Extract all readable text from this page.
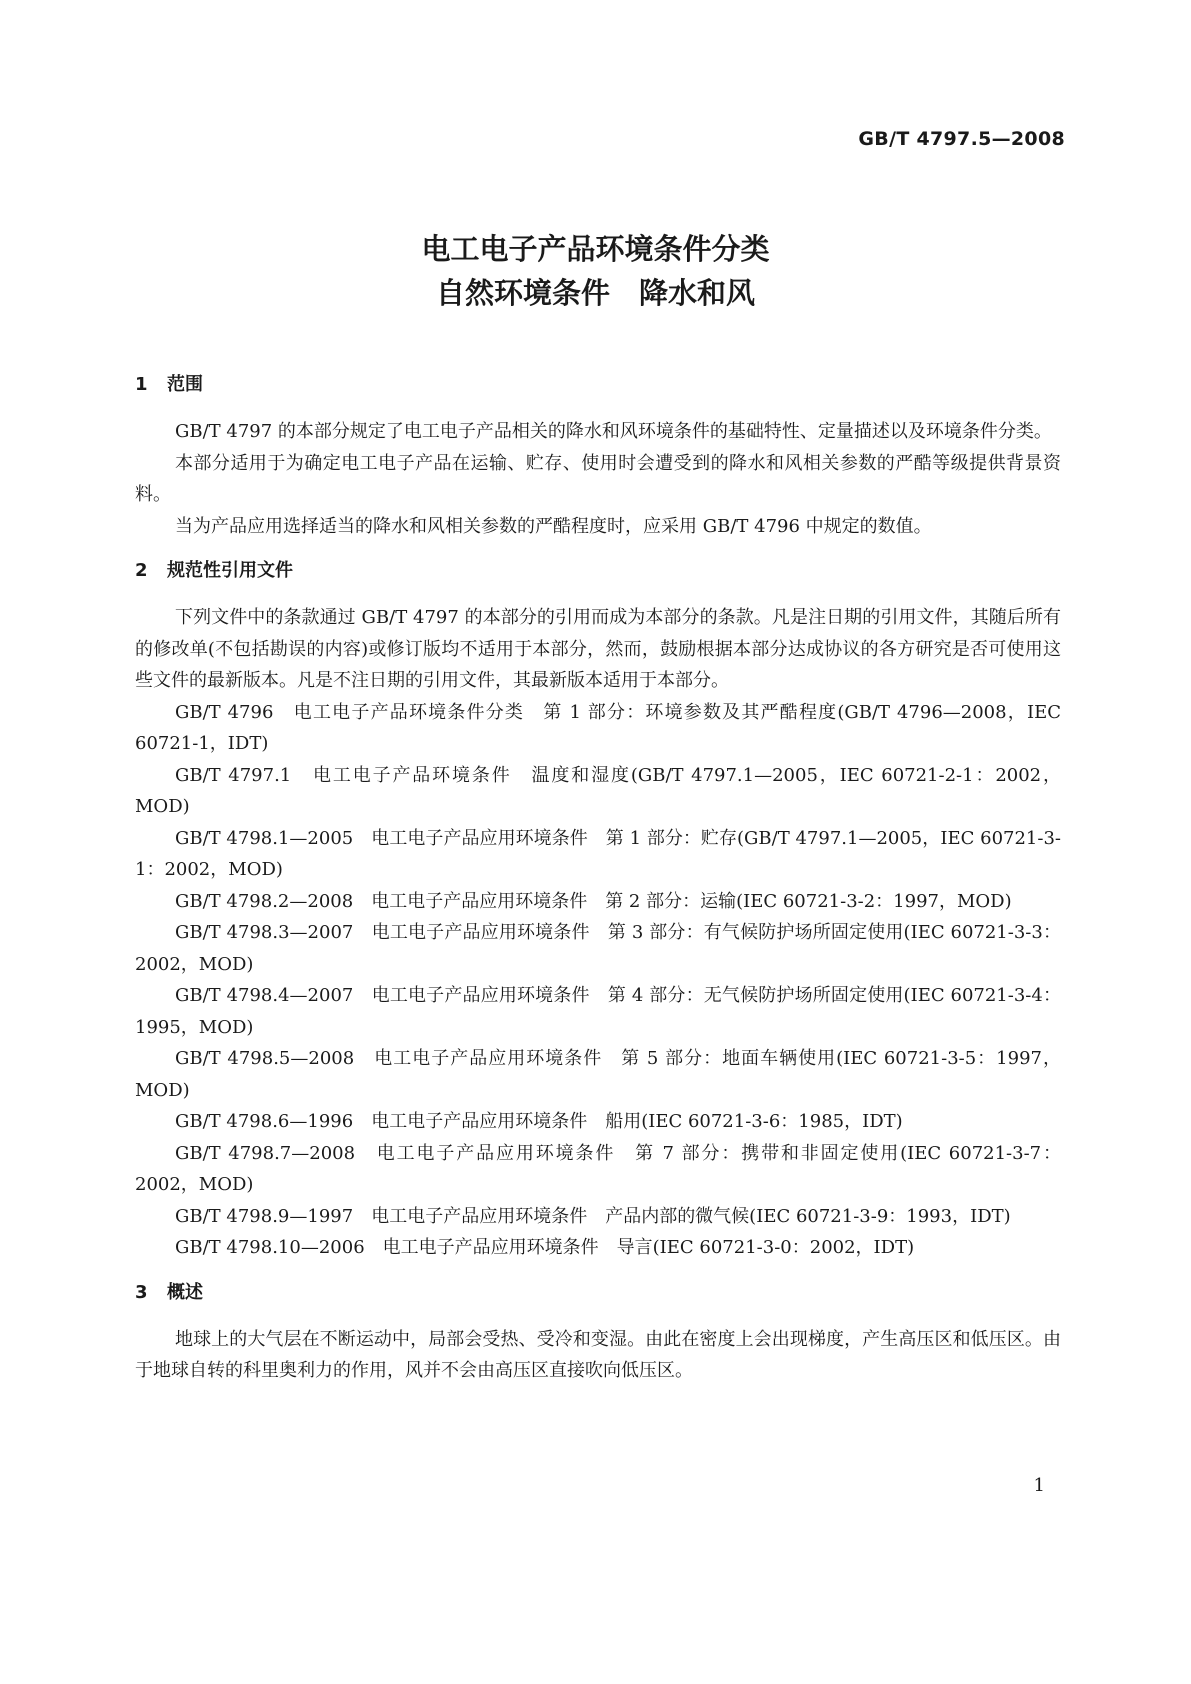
GB/T 4797.5—2008
电工电子产品环境条件分类
自然环境条件　降水和风
1 范围

GB/T 4797 的本部分规定了电工电子产品相关的降水和风环境条件的基础特性、定量描述以及环境条件分类。

本部分适用于为确定电工电子产品在运输、贮存、使用时会遭受到的降水和风相关参数的严酷等级提供背景资料。

当为产品应用选择适当的降水和风相关参数的严酷程度时，应采用 GB/T 4796 中规定的数值。

2 规范性引用文件

下列文件中的条款通过 GB/T 4797 的本部分的引用而成为本部分的条款。凡是注日期的引用文件，其随后所有的修改单(不包括勘误的内容)或修订版均不适用于本部分，然而，鼓励根据本部分达成协议的各方研究是否可使用这些文件的最新版本。凡是不注日期的引用文件，其最新版本适用于本部分。

GB/T 4796　电工电子产品环境条件分类　第 1 部分：环境参数及其严酷程度(GB/T 4796—2008，IEC 60721-1，IDT)

GB/T 4797.1　电工电子产品环境条件　温度和湿度(GB/T 4797.1—2005，IEC 60721-2-1：2002，MOD)

GB/T 4798.1—2005　电工电子产品应用环境条件　第 1 部分：贮存(GB/T 4797.1—2005，IEC 60721-3-1：2002，MOD)

GB/T 4798.2—2008　电工电子产品应用环境条件　第 2 部分：运输(IEC 60721-3-2：1997，MOD)

GB/T 4798.3—2007　电工电子产品应用环境条件　第 3 部分：有气候防护场所固定使用(IEC 60721-3-3：2002，MOD)

GB/T 4798.4—2007　电工电子产品应用环境条件　第 4 部分：无气候防护场所固定使用(IEC 60721-3-4：1995，MOD)

GB/T 4798.5—2008　电工电子产品应用环境条件　第 5 部分：地面车辆使用(IEC 60721-3-5：1997，MOD)

GB/T 4798.6—1996　电工电子产品应用环境条件　船用(IEC 60721-3-6：1985，IDT)

GB/T 4798.7—2008　电工电子产品应用环境条件　第 7 部分：携带和非固定使用(IEC 60721-3-7：2002，MOD)

GB/T 4798.9—1997　电工电子产品应用环境条件　产品内部的微气候(IEC 60721-3-9：1993，IDT)

GB/T 4798.10—2006　电工电子产品应用环境条件　导言(IEC 60721-3-0：2002，IDT)

3 概述

地球上的大气层在不断运动中，局部会受热、受冷和变湿。由此在密度上会出现梯度，产生高压区和低压区。由于地球自转的科里奥利力的作用，风并不会由高压区直接吹向低压区。

1
